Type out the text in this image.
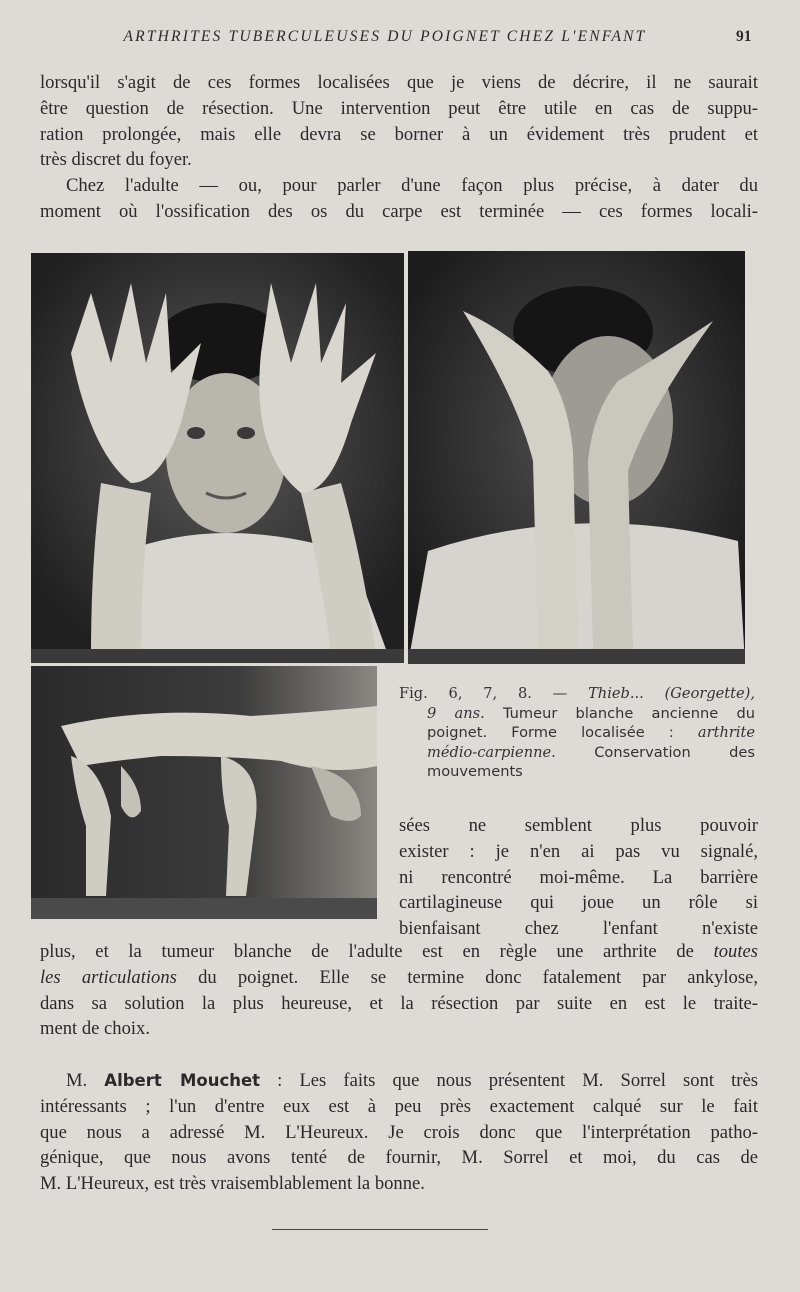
ARTHRITES TUBERCULEUSES DU POIGNET CHEZ L'ENFANT	91
lorsqu'il s'agit de ces formes localisées que je viens de décrire, il ne saurait
être question de résection. Une intervention peut être utile en cas de suppu-
ration prolongée, mais elle devra se borner à un évidement très prudent et
très discret du foyer.
Chez l'adulte — ou, pour parler d'une façon plus précise, à dater du
moment où l'ossification des os du carpe est terminée — ces formes locali-
Fig. 6, 7, 8. — Thieb... (Georgette),
9 ans. Tumeur blanche ancienne du
poignet. Forme localisée : arthrite
médio-carpienne. Conservation des
mouvements
sées ne semblent plus pouvoir
exister : je n'en ai pas vu signalé,
ni rencontré moi-même. La barrière
cartilagineuse qui joue un rôle si
bienfaisant chez l'enfant n'existe
plus, et la tumeur blanche de l'adulte est en règle une arthrite de toutes
les articulations du poignet. Elle se termine donc fatalement par ankylose,
dans sa solution la plus heureuse, et la résection par suite en est le traite-
ment de choix.
M. Albert Mouchet : Les faits que nous présentent M. Sorrel sont très
intéressants ; l'un d'entre eux est à peu près exactement calqué sur le fait
que nous a adressé M. L'Heureux. Je crois donc que l'interprétation patho-
génique, que nous avons tenté de fournir, M. Sorrel et moi, du cas de
M. L'Heureux, est très vraisemblablement la bonne.
